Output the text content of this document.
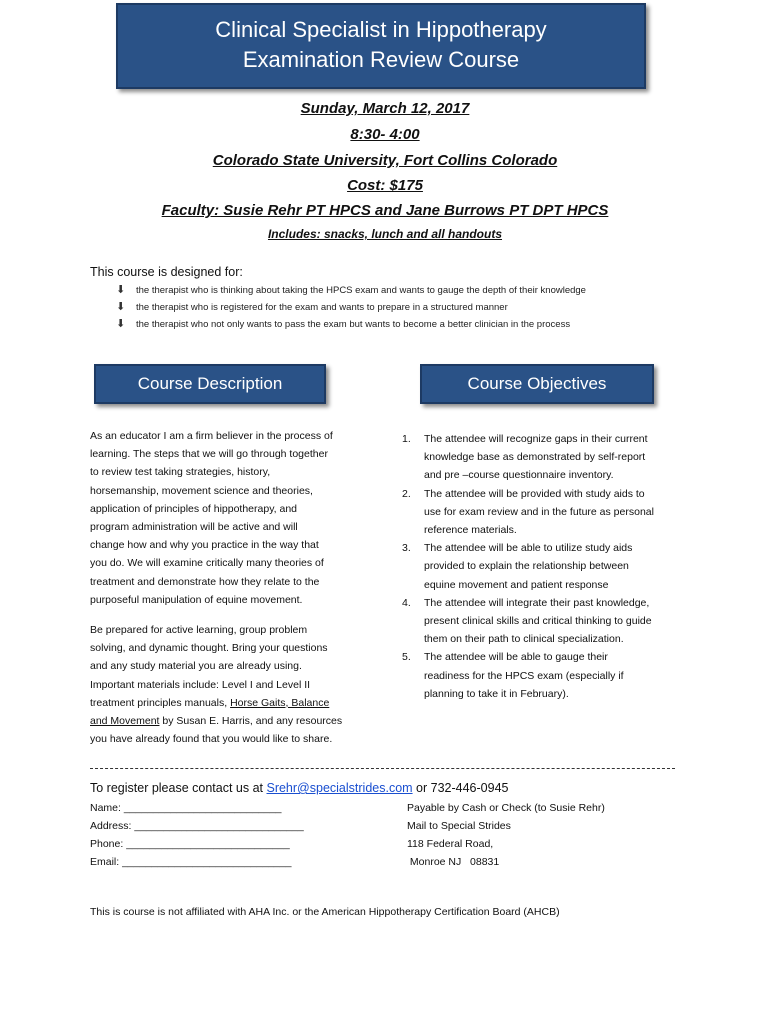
Clinical Specialist in Hippotherapy
Examination Review Course
Sunday, March 12, 2017
8:30- 4:00
Colorado State University, Fort Collins Colorado
Cost: $175
Faculty: Susie Rehr PT HPCS and Jane Burrows PT DPT HPCS
Includes: snacks, lunch and all handouts
This course is designed for:
⬇ the therapist who is thinking about taking the HPCS exam and wants to gauge the depth of their knowledge
⬇ the therapist who is registered for the exam and wants to prepare in a structured manner
⬇ the therapist who not only wants to pass the exam but wants to become a better clinician in the process
Course Description	Course Objectives
As an educator I am a firm believer in the process of
learning. The steps that we will go through together
to review test taking strategies, history,
horsemanship, movement science and theories,
application of principles of hippotherapy, and
program administration will be active and will
change how and why you practice in the way that
you do. We will examine critically many theories of
treatment and demonstrate how they relate to the
purposeful manipulation of equine movement.
Be prepared for active learning, group problem
solving, and dynamic thought. Bring your questions
and any study material you are already using.
Important materials include: Level I and Level II
treatment principles manuals, Horse Gaits, Balance
and Movement by Susan E. Harris, and any resources
you have already found that you would like to share.
1. The attendee will recognize gaps in their current
knowledge base as demonstrated by self-report
and pre –course questionnaire inventory.
2. The attendee will be provided with study aids to
use for exam review and in the future as personal
reference materials.
3. The attendee will be able to utilize study aids
provided to explain the relationship between
equine movement and patient response
4. The attendee will integrate their past knowledge,
present clinical skills and critical thinking to guide
them on their path to clinical specialization.
5. The attendee will be able to gauge their
readiness for the HPCS exam (especially if
planning to take it in February).
To register please contact us at Srehr@specialstrides.com or 732-446-0945
Name: ___________________________
Address: _____________________________
Phone: ____________________________
Email: _____________________________
Payable by Cash or Check (to Susie Rehr)
Mail to Special Strides
118 Federal Road,
Monroe NJ   08831
This is course is not affiliated with AHA Inc. or the American Hippotherapy Certification Board (AHCB)
